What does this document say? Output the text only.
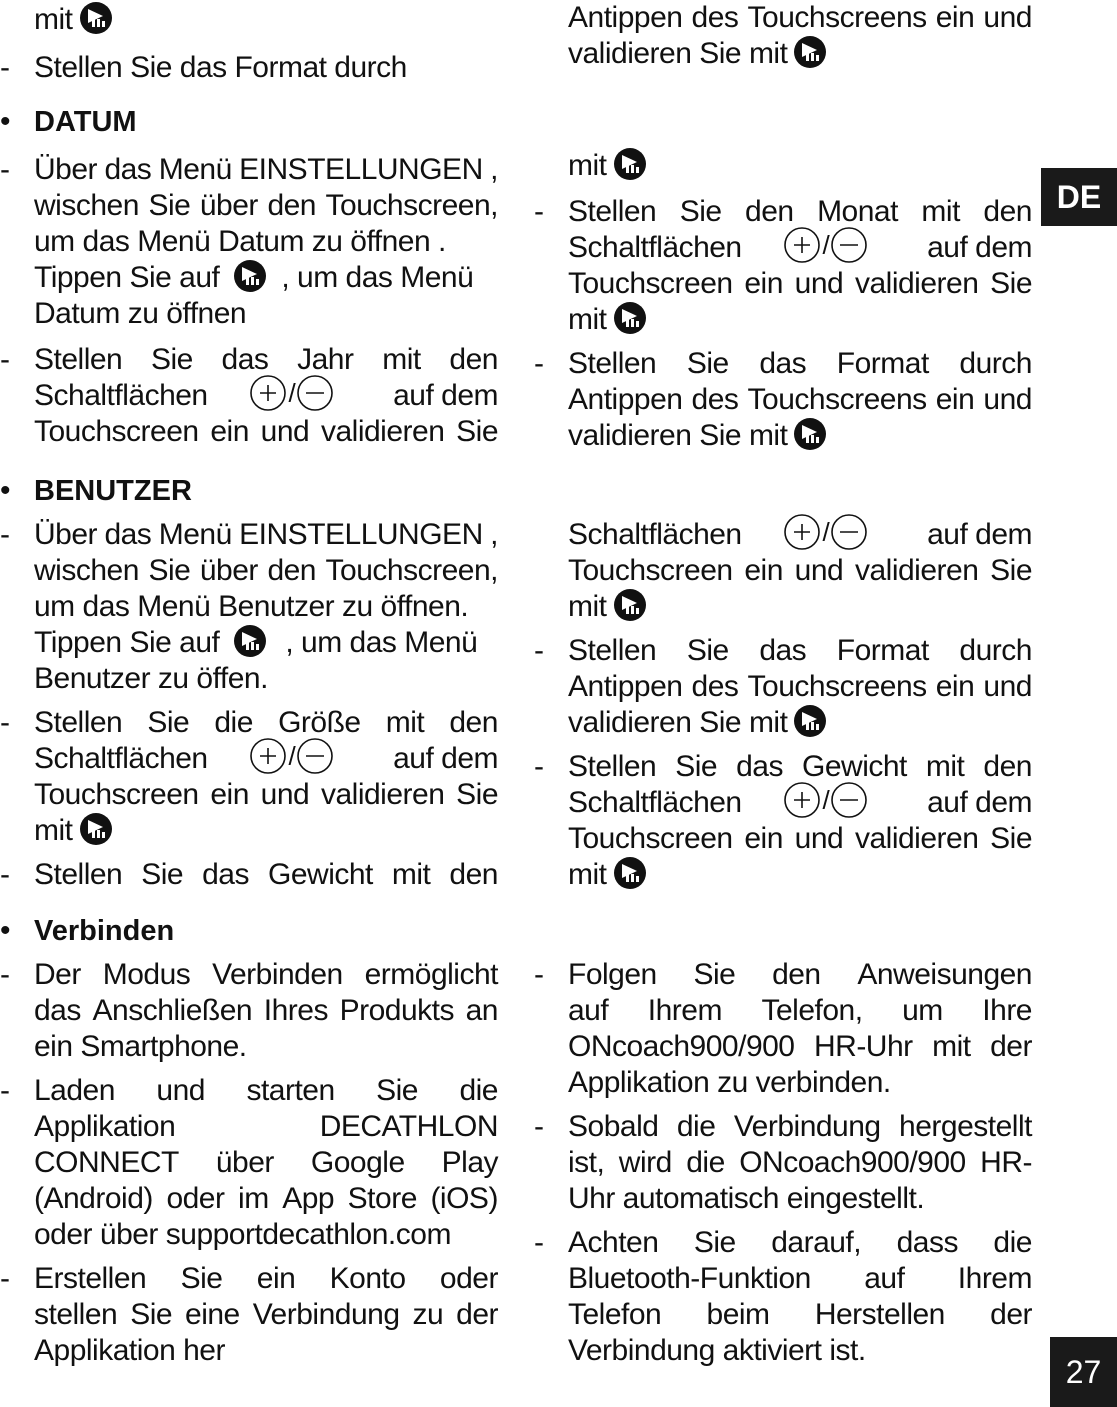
mit
- Stellen Sie das Format durch
• DATUM
- Über das Menü EINSTELLUNGEN ,
wischen Sie über den Touchscreen,
um das Menü Datum zu öffnen .
Tippen Sie auf , um das Menü
Datum zu öffnen
- Stellen Sie das Jahr mit den
Schaltflächen	/	auf dem
Touchscreen ein und validieren Sie
• BENUTZER
- Über das Menü EINSTELLUNGEN ,
wischen Sie über den Touchscreen,
um das Menü Benutzer zu öffnen.
Tippen Sie auf , um das Menü
Benutzer zu öffen.
- Stellen Sie die Größe mit den
Schaltflächen	/	auf dem
Touchscreen ein und validieren Sie
mit
- Stellen Sie das Gewicht mit den
• Verbinden
- Der Modus Verbinden ermöglicht
das Anschließen Ihres Produkts an
ein Smartphone.
- Laden und starten Sie die
Applikation	DECATHLON
CONNECT über Google Play
(Android) oder im App Store (iOS)
oder über supportdecathlon.com
- Erstellen Sie ein Konto oder
stellen Sie eine Verbindung zu der
Applikation her
Antippen des Touchscreens ein und
validieren Sie mit
mit
- Stellen Sie den Monat mit den
Schaltflächen	/	auf dem
Touchscreen ein und validieren Sie
mit
- Stellen Sie das Format durch
Antippen des Touchscreens ein und
validieren Sie mit
Schaltflächen	/	auf dem
Touchscreen ein und validieren Sie
mit
- Stellen Sie das Format durch
Antippen des Touchscreens ein und
validieren Sie mit
- Stellen Sie das Gewicht mit den
Schaltflächen	/	auf dem
Touchscreen ein und validieren Sie
mit
- Folgen Sie den Anweisungen
auf Ihrem Telefon, um Ihre
ONcoach900/900 HR-Uhr mit der
Applikation zu verbinden.
- Sobald die Verbindung hergestellt
ist, wird die ONcoach900/900 HR-
Uhr automatisch eingestellt.
- Achten Sie darauf, dass die
Bluetooth-Funktion auf Ihrem
Telefon beim Herstellen der
Verbindung aktiviert ist.
DE
27
